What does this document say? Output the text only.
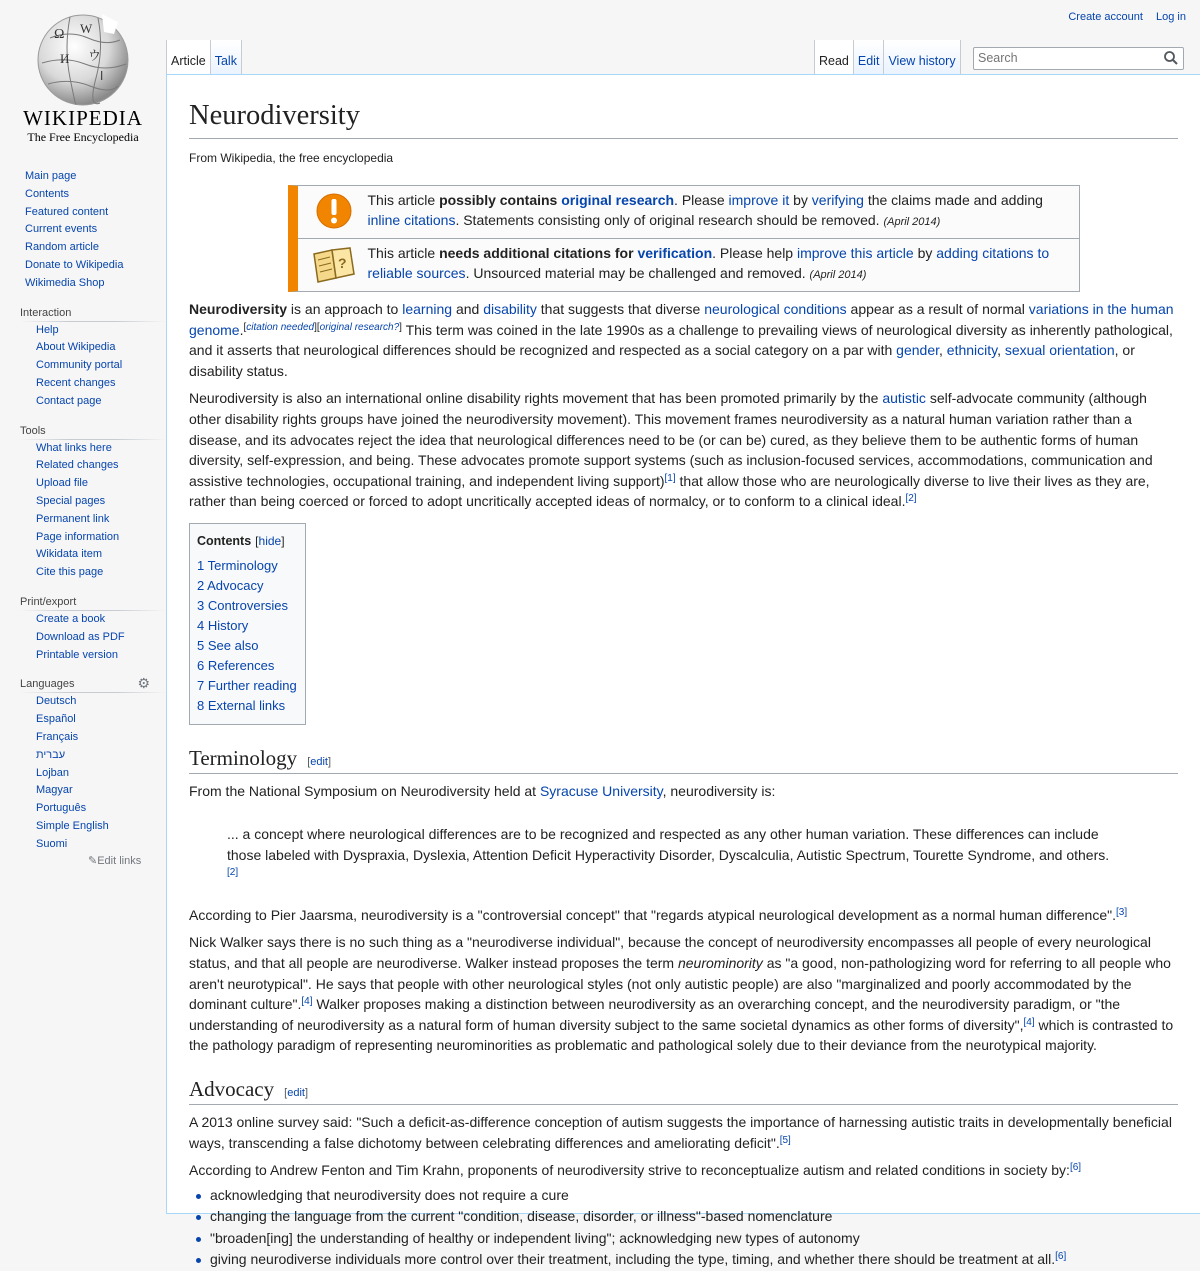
Ω W
И ウ
ا
WIKIPEDIA
The Free Encyclopedia
Create account Log in
Article Talk	Read Edit View history
Search
Main page
Contents
Featured content
Current events
Random article
Donate to Wikipedia
Wikimedia Shop
Interaction
Help
About Wikipedia
Community portal
Recent changes
Contact page
Tools
What links here
Related changes
Upload file
Special pages
Permanent link
Page information
Wikidata item
Cite this page
Print/export
Create a book
Download as PDF
Printable version
Languages	⚙
Deutsch
Español
Français
עברית
Lojban
Magyar
Português
Simple English
Suomi
✎Edit links
Neurodiversity
From Wikipedia, the free encyclopedia
This article possibly contains original research. Please improve it by verifying the claims made and adding inline citations. Statements consisting only of original research should be removed. (April 2014)
?
This article needs additional citations for verification. Please help improve this article by adding citations to reliable sources. Unsourced material may be challenged and removed. (April 2014)

Neurodiversity is an approach to learning and disability that suggests that diverse neurological conditions appear as a result of normal variations in the human genome.[citation needed][original research?] This term was coined in the late 1990s as a challenge to prevailing views of neurological diversity as inherently pathological, and it asserts that neurological differences should be recognized and respected as a social category on a par with gender, ethnicity, sexual orientation, or disability status.

Neurodiversity is also an international online disability rights movement that has been promoted primarily by the autistic self-advocate community (although other disability rights groups have joined the neurodiversity movement). This movement frames neurodiversity as a natural human variation rather than a disease, and its advocates reject the idea that neurological differences need to be (or can be) cured, as they believe them to be authentic forms of human diversity, self-expression, and being. These advocates promote support systems (such as inclusion-focused services, accommodations, communication and assistive technologies, occupational training, and independent living support)[1] that allow those who are neurologically diverse to live their lives as they are, rather than being coerced or forced to adopt uncritically accepted ideas of normalcy, or to conform to a clinical ideal.[2]

Contents [hide]
1 Terminology
2 Advocacy
3 Controversies
4 History
5 See also
6 References
7 Further reading
8 External links
Terminology [edit]

From the National Symposium on Neurodiversity held at Syracuse University, neurodiversity is:

... a concept where neurological differences are to be recognized and respected as any other human variation. These differences can include those labeled with Dyspraxia, Dyslexia, Attention Deficit Hyperactivity Disorder, Dyscalculia, Autistic Spectrum, Tourette Syndrome, and others.[2]

According to Pier Jaarsma, neurodiversity is a "controversial concept" that "regards atypical neurological development as a normal human difference".[3]

Nick Walker says there is no such thing as a "neurodiverse individual", because the concept of neurodiversity encompasses all people of every neurological status, and that all people are neurodiverse. Walker instead proposes the term neurominority as "a good, non-pathologizing word for referring to all people who aren't neurotypical". He says that people with other neurological styles (not only autistic people) are also "marginalized and poorly accommodated by the dominant culture".[4] Walker proposes making a distinction between neurodiversity as an overarching concept, and the neurodiversity paradigm, or "the understanding of neurodiversity as a natural form of human diversity subject to the same societal dynamics as other forms of diversity",[4] which is contrasted to the pathology paradigm of representing neurominorities as problematic and pathological solely due to their deviance from the neurotypical majority.

Advocacy [edit]

A 2013 online survey said: "Such a deficit-as-difference conception of autism suggests the importance of harnessing autistic traits in developmentally beneficial ways, transcending a false dichotomy between celebrating differences and ameliorating deficit".[5]

According to Andrew Fenton and Tim Krahn, proponents of neurodiversity strive to reconceptualize autism and related conditions in society by:[6]

acknowledging that neurodiversity does not require a cure
changing the language from the current "condition, disease, disorder, or illness"-based nomenclature
"broaden[ing] the understanding of healthy or independent living"; acknowledging new types of autonomy
giving neurodiverse individuals more control over their treatment, including the type, timing, and whether there should be treatment at all.[6]
